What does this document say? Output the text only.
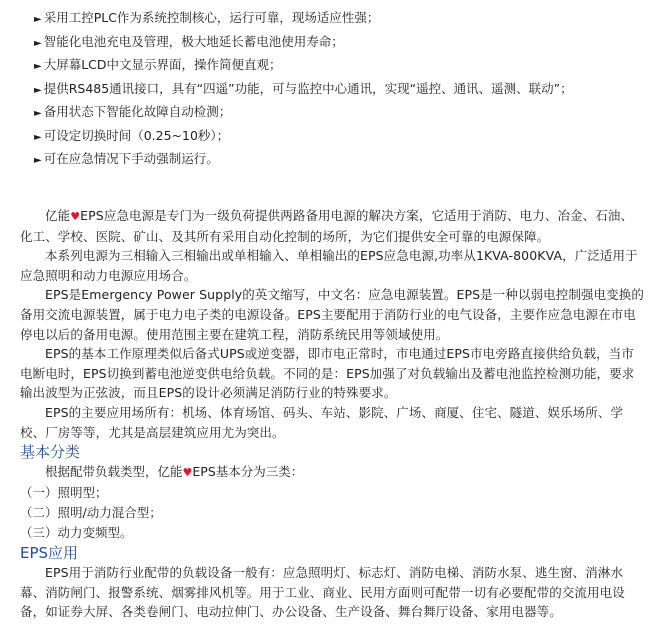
► 采用工控PLC作为系统控制核心，运行可靠，现场适应性强；
► 智能化电池充电及管理，极大地延长蓄电池使用寿命；
► 大屏幕LCD中文显示界面，操作简便直观；
► 提供RS485通讯接口，具有“四遥”功能，可与监控中心通讯，实现“遥控、通讯、遥测、联动”；
► 备用状态下智能化故障自动检测；
► 可设定切换时间（0.25~10秒）；
► 可在应急情况下手动强制运行。

亿能♥EPS应急电源是专门为一级负荷提供两路备用电源的解决方案，它适用于消防、电力、冶金、石油、化工、学校、医院、矿山、及其所有采用自动化控制的场所，为它们提供安全可靠的电源保障。

本系列电源为三相输入三相输出或单相输入、单相输出的EPS应急电源,功率从1KVA-800KVA，广泛适用于应急照明和动力电源应用场合。

EPS是Emergency Power Supply的英文缩写，中文名：应急电源装置。EPS是一种以弱电控制强电变换的备用交流电源装置，属于电力电子类的电源设备。EPS主要配用于消防行业的电气设备，主要作应急电源在市电停电以后的备用电源。使用范围主要在建筑工程，消防系统民用等领域使用。

EPS的基本工作原理类似后备式UPS或逆变器，即市电正常时，市电通过EPS市电旁路直接供给负载，当市电断电时，EPS切换到蓄电池逆变供电给负载。不同的是：EPS加强了对负载输出及蓄电池监控检测功能，要求输出波型为正弦波，而且EPS的设计必须满足消防行业的特殊要求。

EPS的主要应用场所有：机场、体育场馆、码头、车站、影院、广场、商厦、住宅、隧道、娱乐场所、学校、厂房等等，尤其是高层建筑应用尤为突出。

基本分类

根据配带负载类型，亿能♥EPS基本分为三类：

（一）照明型；

（二）照明/动力混合型；

（三）动力变频型。

EPS应用

EPS用于消防行业配带的负载设备一般有：应急照明灯、标志灯、消防电梯、消防水泵、逃生窗、消淋水幕、消防闸门、报警系统、烟雾排风机等。用于工业、商业、民用方面则可配带一切有必要配带的交流用电设备，如证券大屏、各类卷闸门、电动拉伸门、办公设备、生产设备、舞台舞厅设备、家用电器等。
